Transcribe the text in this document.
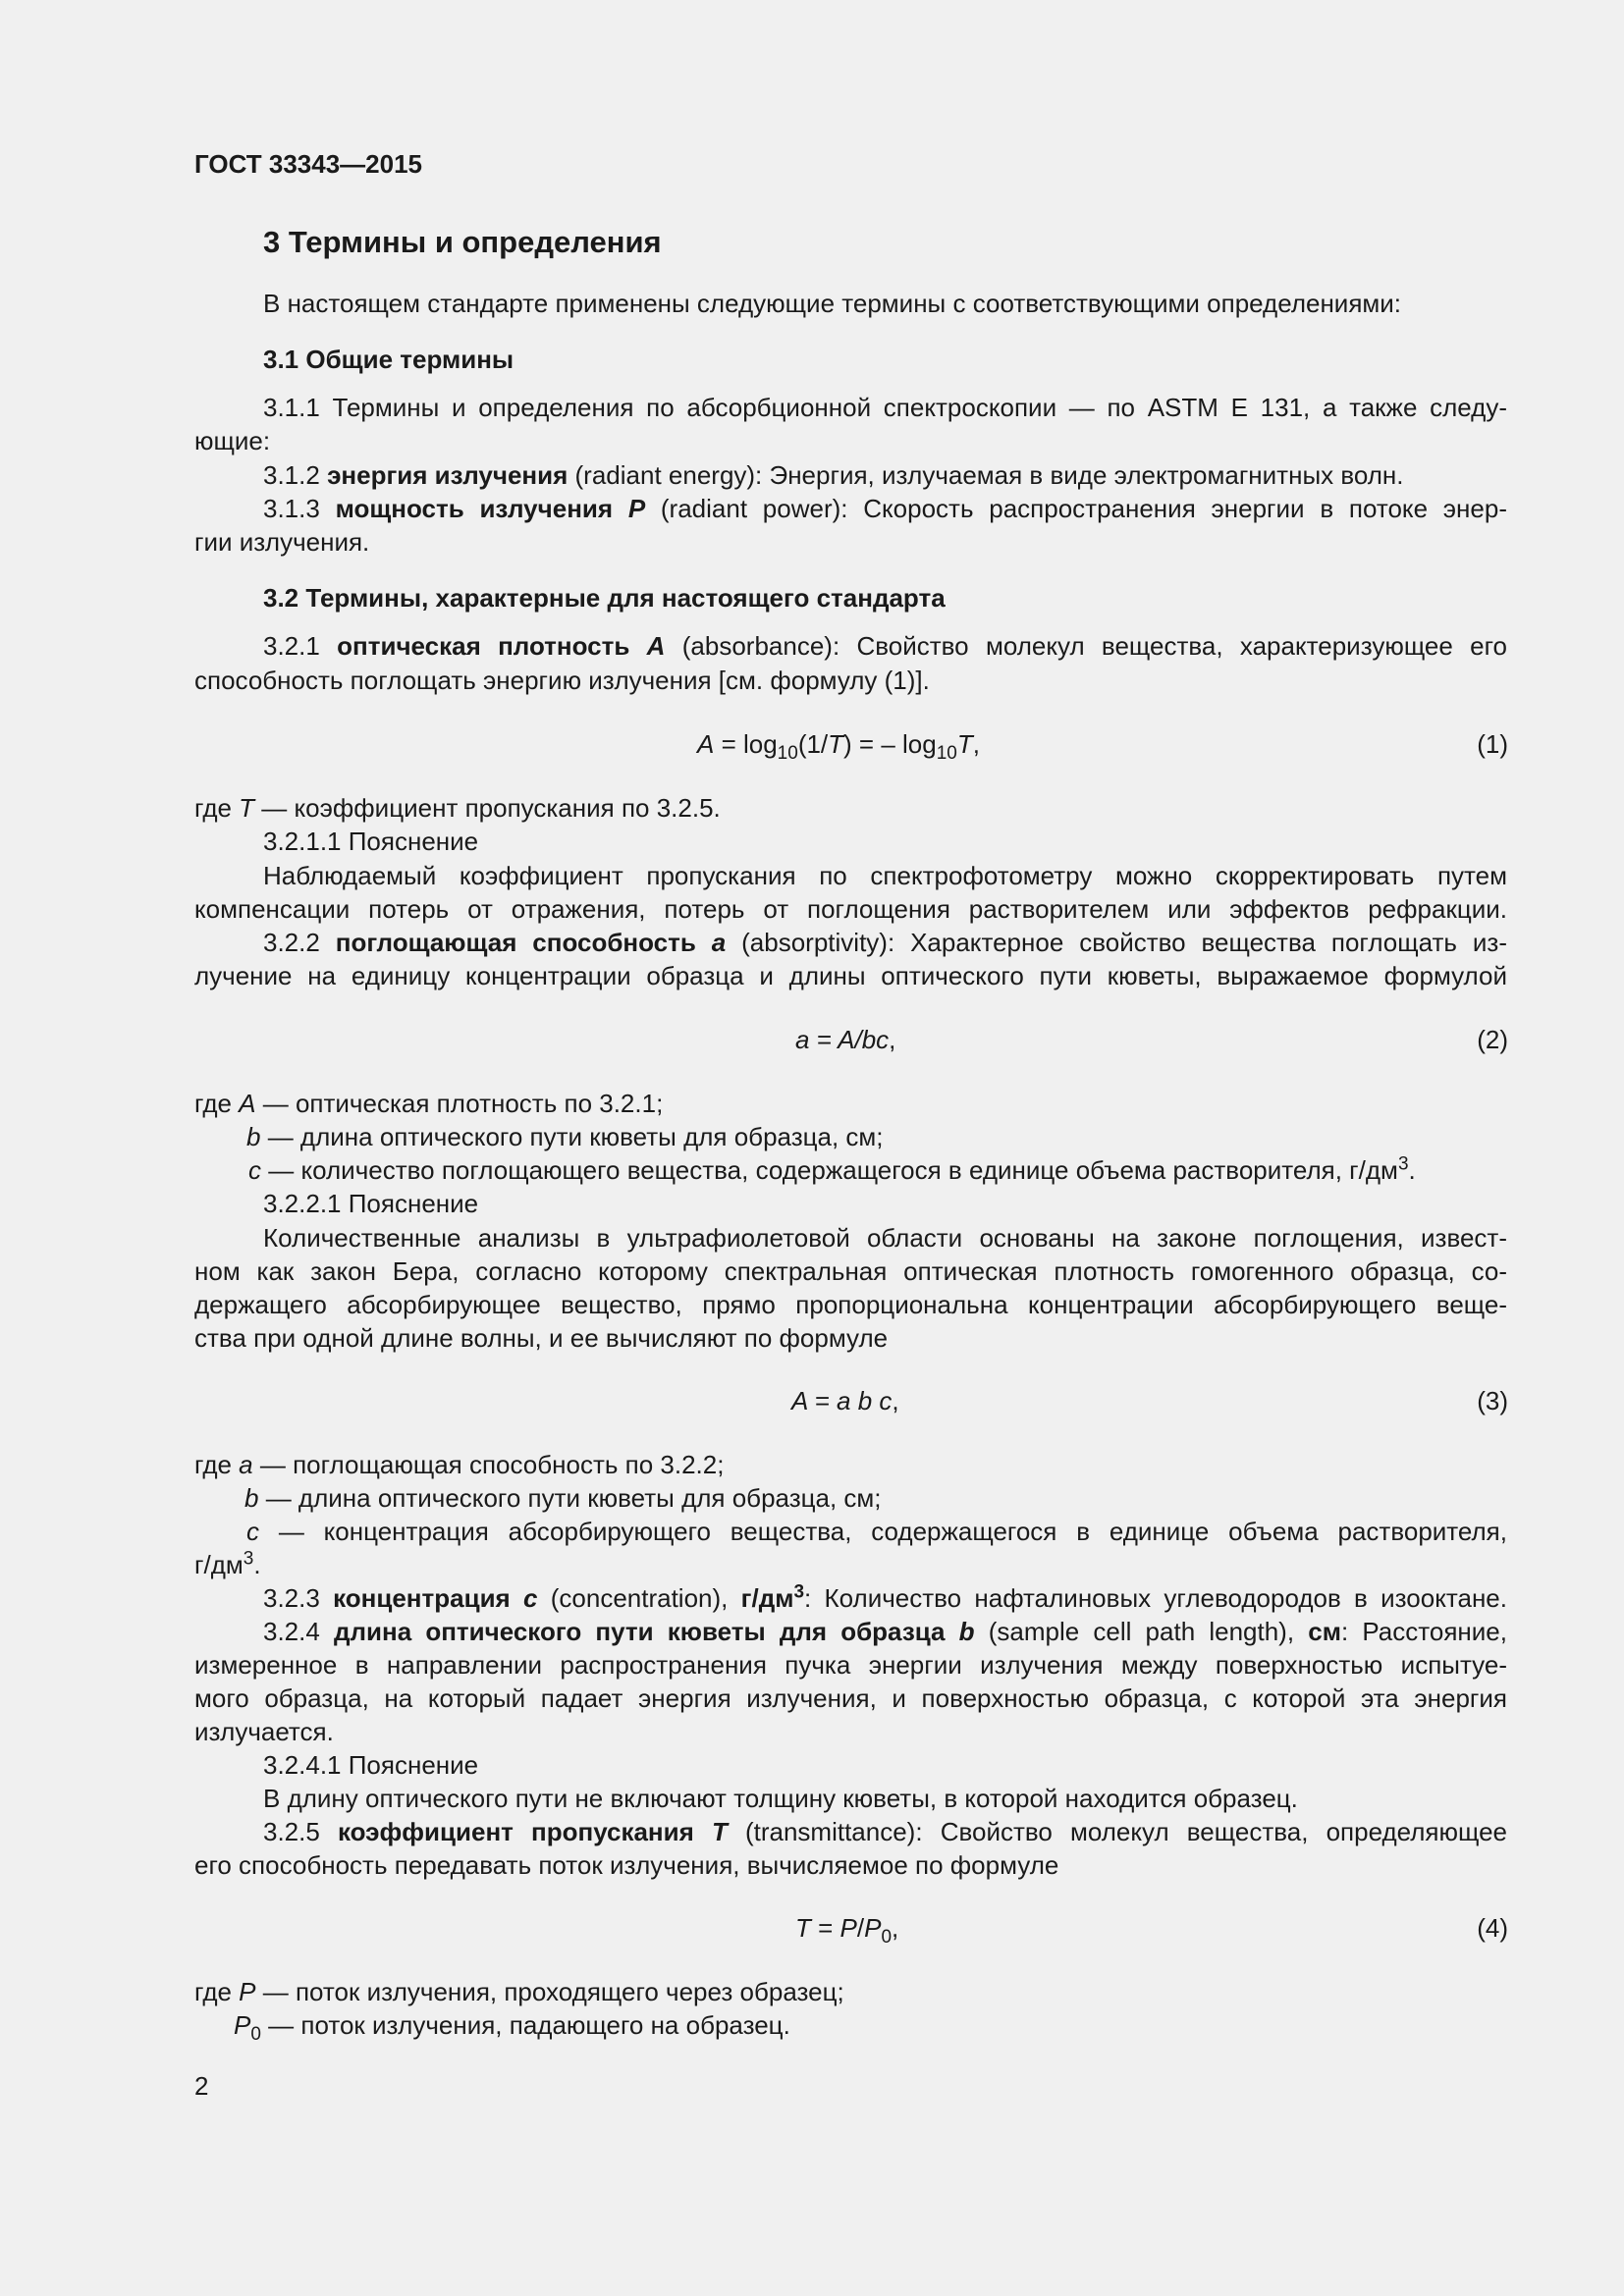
ГОСТ 33343—2015
3 Термины и определения
В настоящем стандарте применены следующие термины с соответствующими определениями:
3.1 Общие термины
3.1.1 Термины и определения по абсорбционной спектроскопии — по ASTM E 131, а также следу-
ющие:
3.1.2 энергия излучения (radiant energy): Энергия, излучаемая в виде электромагнитных волн.
3.1.3 мощность излучения P (radiant power): Скорость распространения энергии в потоке энер-
гии излучения.
3.2 Термины, характерные для настоящего стандарта
3.2.1 оптическая плотность A (absorbance): Свойство молекул вещества, характеризующее его
способность поглощать энергию излучения [см. формулу (1)].
$A = \log_{10}(1/T)$ = – $\log_{10}T$,	(1)
где T — коэффициент пропускания по 3.2.5.
3.2.1.1 Пояснение
Наблюдаемый коэффициент пропускания по спектрофотометру можно скорректировать путем
компенсации потерь от отражения, потерь от поглощения растворителем или эффектов рефракции.
3.2.2 поглощающая способность a (absorptivity): Характерное свойство вещества поглощать из-
лучение на единицу концентрации образца и длины оптического пути кюветы, выражаемое формулой
a = A/bc,	(2)
где A — оптическая плотность по 3.2.1;
b — длина оптического пути кюветы для образца, см;
c — количество поглощающего вещества, содержащегося в единице объема растворителя, $г/дм^3$.
3.2.2.1 Пояснение
Количественные анализы в ультрафиолетовой области основаны на законе поглощения, извест-
ном как закон Бера, согласно которому спектральная оптическая плотность гомогенного образца, со-
держащего абсорбирующее вещество, прямо пропорциональна концентрации абсорбирующего веще-
ства при одной длине волны, и ее вычисляют по формуле
A = a b c,	(3)
где a — поглощающая способность по 3.2.2;
b — длина оптического пути кюветы для образца, см;
c — концентрация абсорбирующего вещества, содержащегося в единице объема растворителя,
$г/дм^3$.
3.2.3 концентрация c (concentration), $г/дм^3$: Количество нафталиновых углеводородов в изооктане.
3.2.4 длина оптического пути кюветы для образца b (sample cell path length), см: Расстояние,
измеренное в направлении распространения пучка энергии излучения между поверхностью испытуе-
мого образца, на который падает энергия излучения, и поверхностью образца, с которой эта энергия
излучается.
3.2.4.1 Пояснение
В длину оптического пути не включают толщину кюветы, в которой находится образец.
3.2.5 коэффициент пропускания T (transmittance): Свойство молекул вещества, определяющее
его способность передавать поток излучения, вычисляемое по формуле
$T = P/P_0$,	(4)
где P — поток излучения, проходящего через образец;
$P_0$ — поток излучения, падающего на образец.
2
